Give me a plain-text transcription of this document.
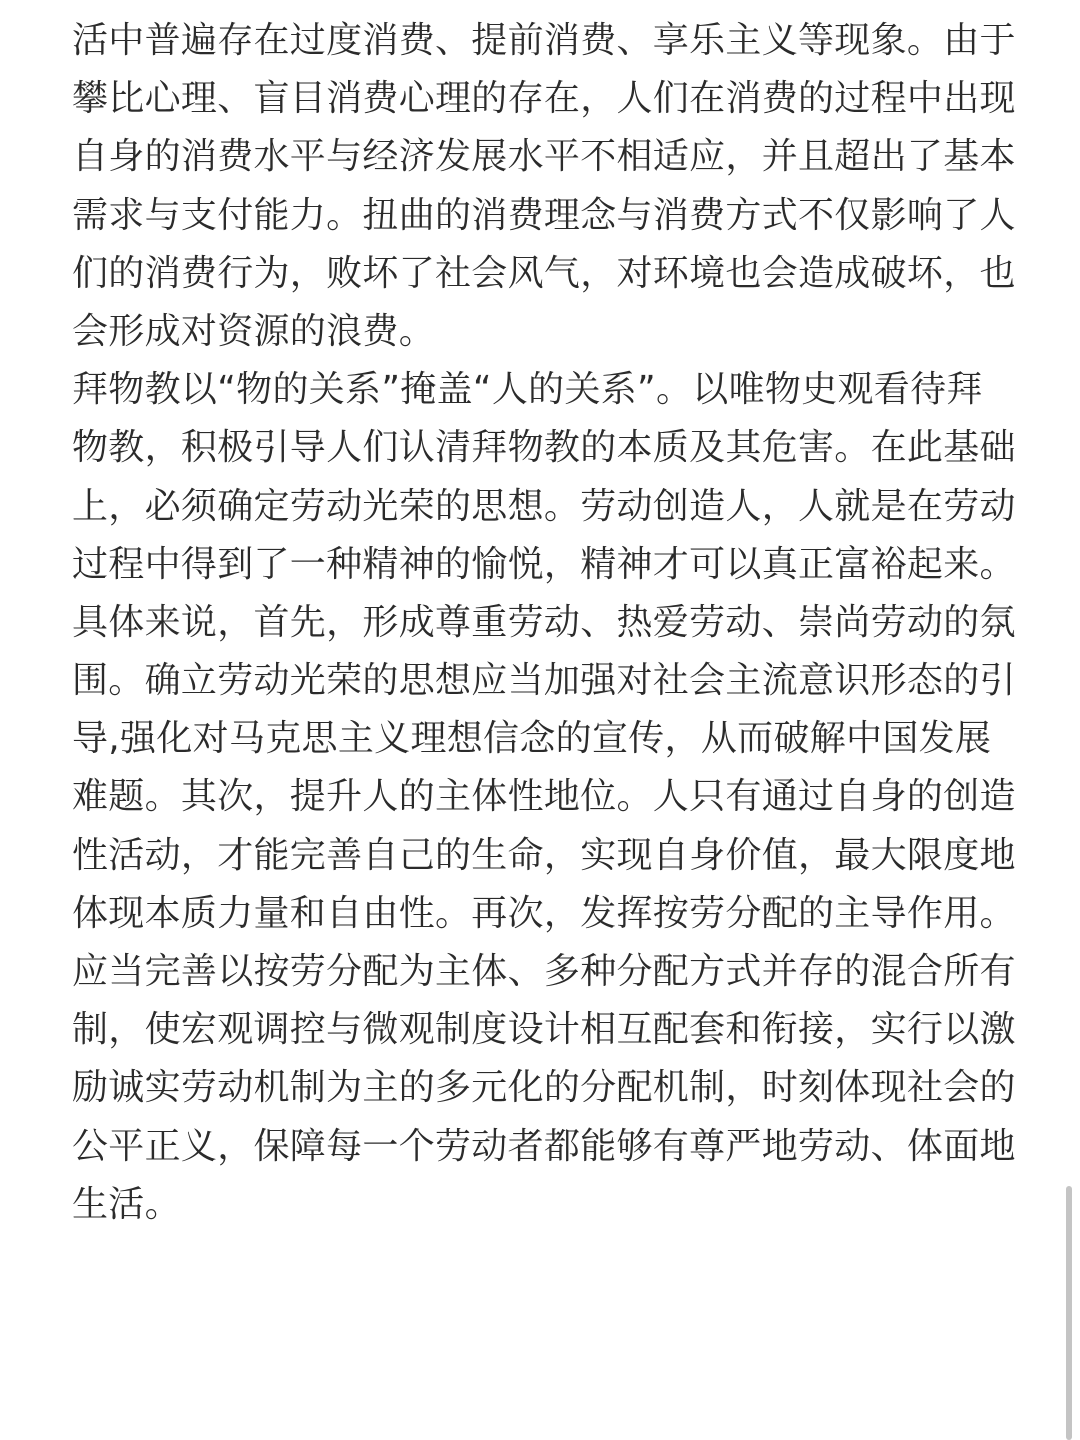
活中普遍存在过度消费、提前消费、享乐主义等现象。由于
攀比心理、盲目消费心理的存在，人们在消费的过程中出现
自身的消费水平与经济发展水平不相适应，并且超出了基本
需求与支付能力。扭曲的消费理念与消费方式不仅影响了人
们的消费行为，败坏了社会风气，对环境也会造成破坏，也
会形成对资源的浪费。
拜物教以“物的关系”掩盖“人的关系”。以唯物史观看待拜
物教，积极引导人们认清拜物教的本质及其危害。在此基础
上，必须确定劳动光荣的思想。劳动创造人，人就是在劳动
过程中得到了一种精神的愉悦，精神才可以真正富裕起来。
具体来说，首先，形成尊重劳动、热爱劳动、崇尚劳动的氛
围。确立劳动光荣的思想应当加强对社会主流意识形态的引
导,强化对马克思主义理想信念的宣传，从而破解中国发展
难题。其次，提升人的主体性地位。人只有通过自身的创造
性活动，才能完善自己的生命，实现自身价值，最大限度地
体现本质力量和自由性。再次，发挥按劳分配的主导作用。
应当完善以按劳分配为主体、多种分配方式并存的混合所有
制，使宏观调控与微观制度设计相互配套和衔接，实行以激
励诚实劳动机制为主的多元化的分配机制，时刻体现社会的
公平正义，保障每一个劳动者都能够有尊严地劳动、体面地
生活。
